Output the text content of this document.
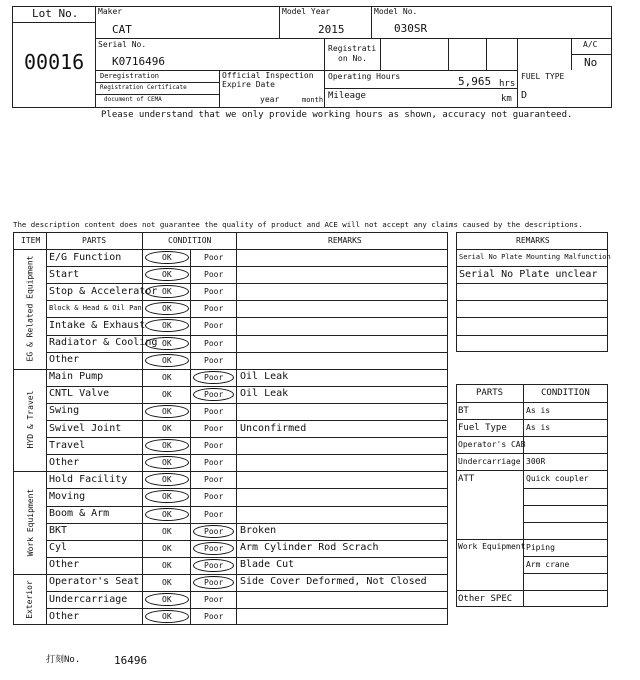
Lot No.
00016
Maker
CAT
Model Year
2015
Model No.
030SR
Serial No.
K0716496
Registrati
on No.
A/C
No
Deregistration
Registration Certificate
document of CEMA
Official Inspection
Expire Date
year	month
Operating Hours	5,965 hrs
Mileage	km
FUEL TYPE
D
Please understand that we only provide working hours as shown, accuracy not guaranteed.
The description content does not guarantee the quality of product and ACE will not accept any claims caused by the descriptions.
ITEM	PARTS	CONDITION	REMARKS
EG & Related Equipment E/G Function	OK	Poor
Start	OK	Poor
Stop & Accelerator OK	Poor
Block & Head & Oil Pan	OK	Poor
Intake & Exhaust OK	Poor
Radiator & Cooling OK	Poor
Other	OK	Poor
HYD & Travel
Main Pump	OK	Poor Oil Leak
CNTL Valve	OK	Poor Oil Leak
Swing	OK	Poor
Swivel Joint	OK	Poor Unconfirmed
Travel	OK	Poor
Other	OK	Poor
Work Equipment
Hold Facility	OK	Poor
Moving	OK	Poor
Boom & Arm	OK	Poor
BKT	OK	Poor Broken
Cyl	OK	Poor Arm Cylinder Rod Scrach
Other	OK	Poor Blade Cut
Exterior Operator's Seat	OK	Poor Side Cover Deformed, Not Closed
Undercarriage	OK	Poor
Other	OK	Poor
REMARKS
Serial No Plate Mounting Malfunction
Serial No Plate unclear
PARTS	CONDITION
BT	As is
Fuel Type As is
Operator's CAB
Undercarriage 300R
ATT	Quick coupler
Work Equipment Piping
Arm crane
Other SPEC
打刻No.	16496
